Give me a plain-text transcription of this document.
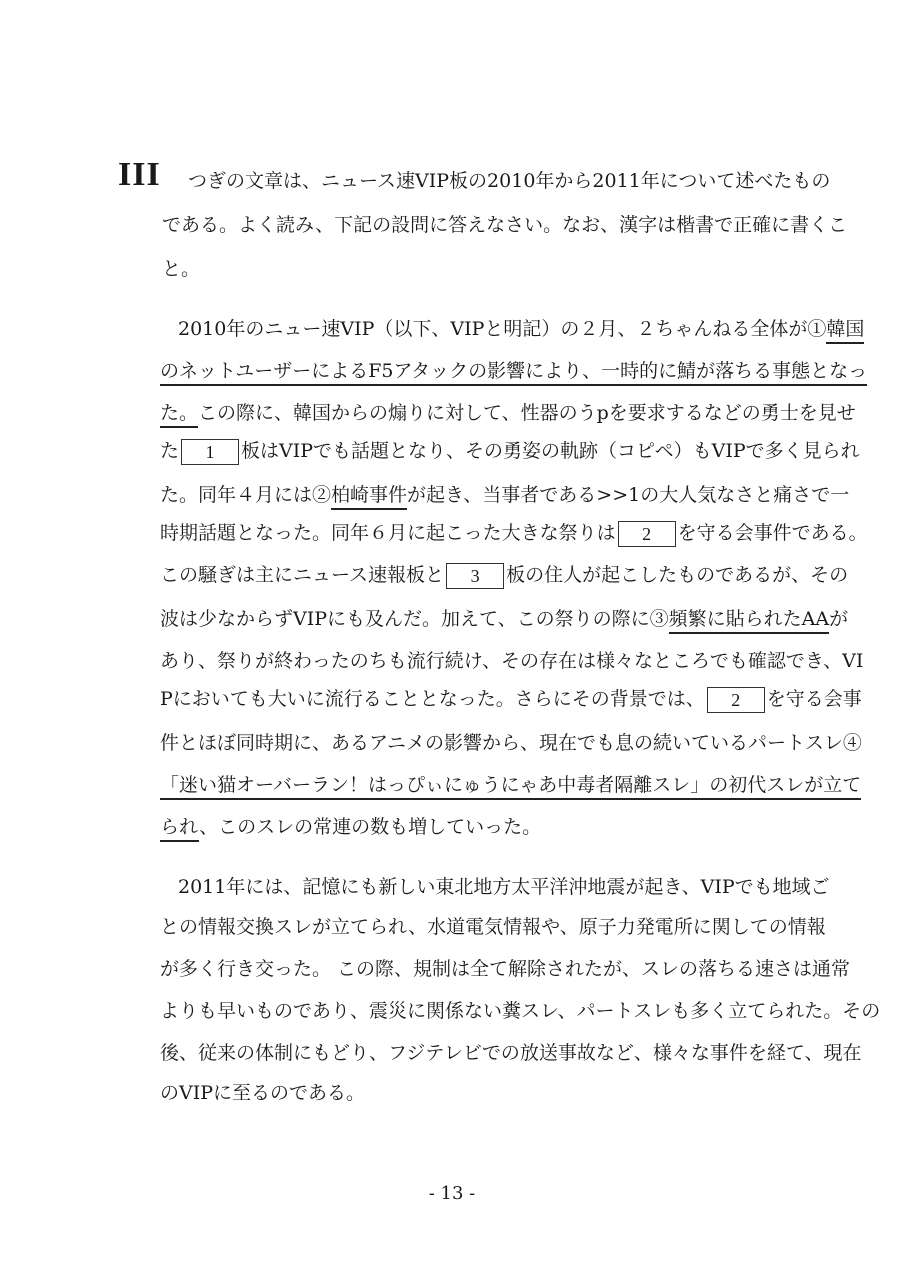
III つぎの文章は、ニュース速VIP板の2010年から2011年について述べたもの
である。よく読み、下記の設問に答えなさい。なお、漢字は楷書で正確に書くこ
と。
2010年のニュー速VIP（以下、VIPと明記）の２月、２ちゃんねる全体が①韓国
のネットユーザーによるF5アタックの影響により、一時的に鯖が落ちる事態となっ
た。この際に、韓国からの煽りに対して、性器のうpを要求するなどの勇士を見せ
た 1 板はVIPでも話題となり、その勇姿の軌跡（コピペ）もVIPで多く見られ
た。同年４月には②柏崎事件が起き、当事者である>>1の大人気なさと痛さで一
時期話題となった。同年６月に起こった大きな祭りは 2 を守る会事件である。
この騒ぎは主にニュース速報板と 3 板の住人が起こしたものであるが、その
波は少なからずVIPにも及んだ。加えて、この祭りの際に③頻繁に貼られたAAが
あり、祭りが終わったのちも流行続け、その存在は様々なところでも確認でき、VI
Pにおいても大いに流行ることとなった。さらにその背景では、 2 を守る会事
件とほぼ同時期に、あるアニメの影響から、現在でも息の続いているパートスレ④
「迷い猫オーバーラン！はっぴぃにゅうにゃあ中毒者隔離スレ」の初代スレが立て
られ、このスレの常連の数も増していった。
2011年には、記憶にも新しい東北地方太平洋沖地震が起き、VIPでも地域ご
との情報交換スレが立てられ、水道電気情報や、原子力発電所に関しての情報
が多く行き交った。 この際、規制は全て解除されたが、スレの落ちる速さは通常
よりも早いものであり、震災に関係ない糞スレ、パートスレも多く立てられた。その
後、従来の体制にもどり、フジテレビでの放送事故など、様々な事件を経て、現在
のVIPに至るのである。
- 13 -
